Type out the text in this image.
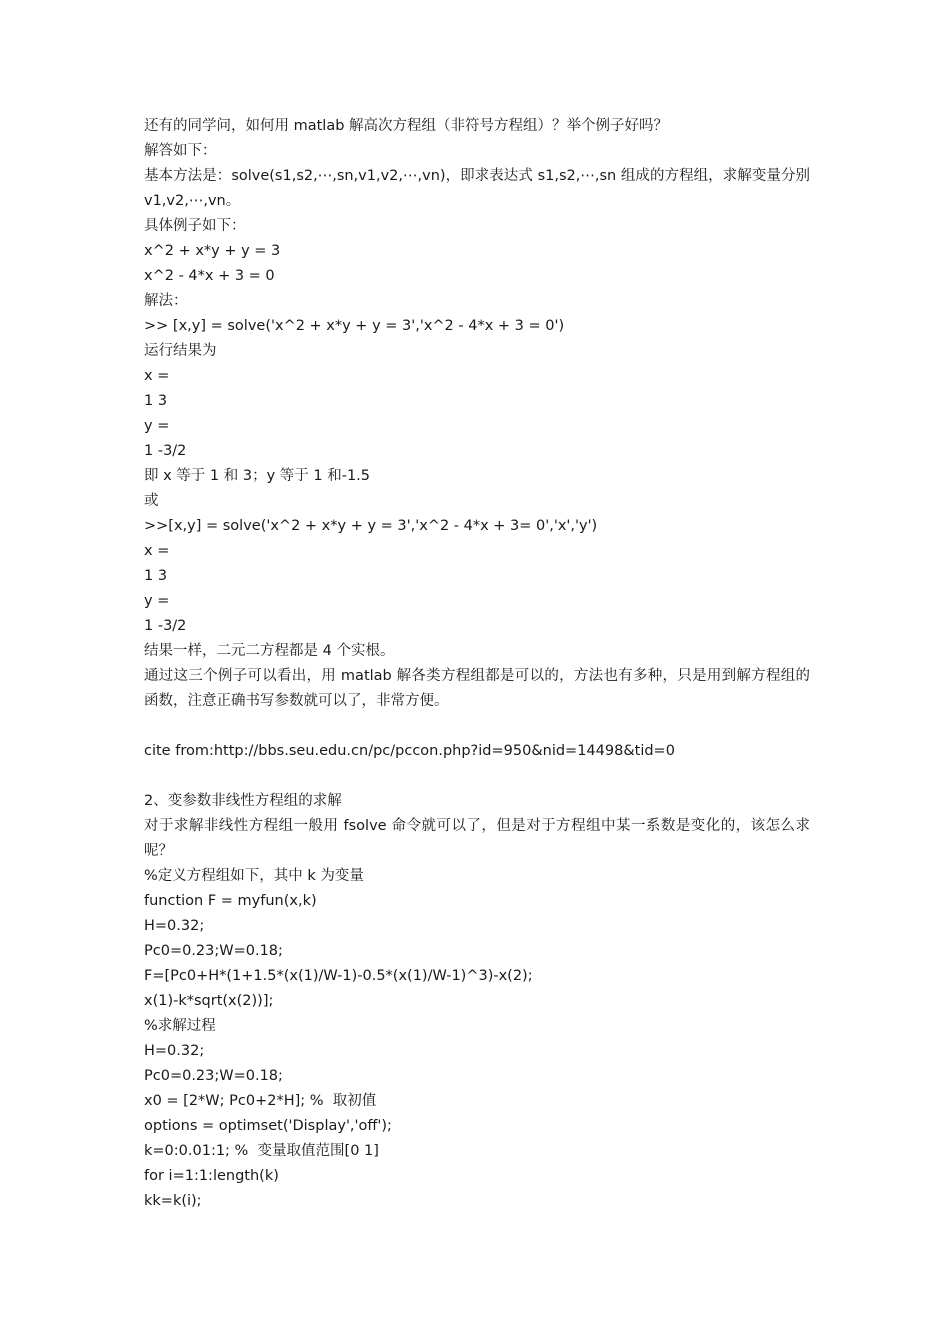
还有的同学问，如何用 matlab 解高次方程组（非符号方程组）？举个例子好吗？

解答如下：

基本方法是：solve(s1,s2,⋯,sn,v1,v2,⋯,vn)，即求表达式 s1,s2,⋯,sn 组成的方程组，求解变量分别 v1,v2,⋯,vn。

具体例子如下：

x^2 + x*y + y = 3

x^2 - 4*x + 3 = 0

解法：

>> [x,y] = solve('x^2 + x*y + y = 3','x^2 - 4*x + 3 = 0')

运行结果为

x =

1 3

y =

1 -3/2

即 x 等于 1 和 3；y 等于 1 和-1.5

或

>>[x,y] = solve('x^2 + x*y + y = 3','x^2 - 4*x + 3= 0','x','y')

x =

1 3

y =

1 -3/2

结果一样，二元二方程都是 4 个实根。

通过这三个例子可以看出，用 matlab 解各类方程组都是可以的，方法也有多种，只是用到解方程组的函数，注意正确书写参数就可以了，非常方便。

cite from:http://bbs.seu.edu.cn/pc/pccon.php?id=950&nid=14498&tid=0

2、变参数非线性方程组的求解

对于求解非线性方程组一般用 fsolve 命令就可以了，但是对于方程组中某一系数是变化的，该怎么求呢？

%定义方程组如下，其中 k 为变量

function F = myfun(x,k)

H=0.32;

Pc0=0.23;W=0.18;

F=[Pc0+H*(1+1.5*(x(1)/W-1)-0.5*(x(1)/W-1)^3)-x(2);

x(1)-k*sqrt(x(2))];

%求解过程

H=0.32;

Pc0=0.23;W=0.18;

x0 = [2*W; Pc0+2*H]; %  取初值

options = optimset('Display','off');

k=0:0.01:1; %  变量取值范围[0 1]

for i=1:1:length(k)

kk=k(i);
